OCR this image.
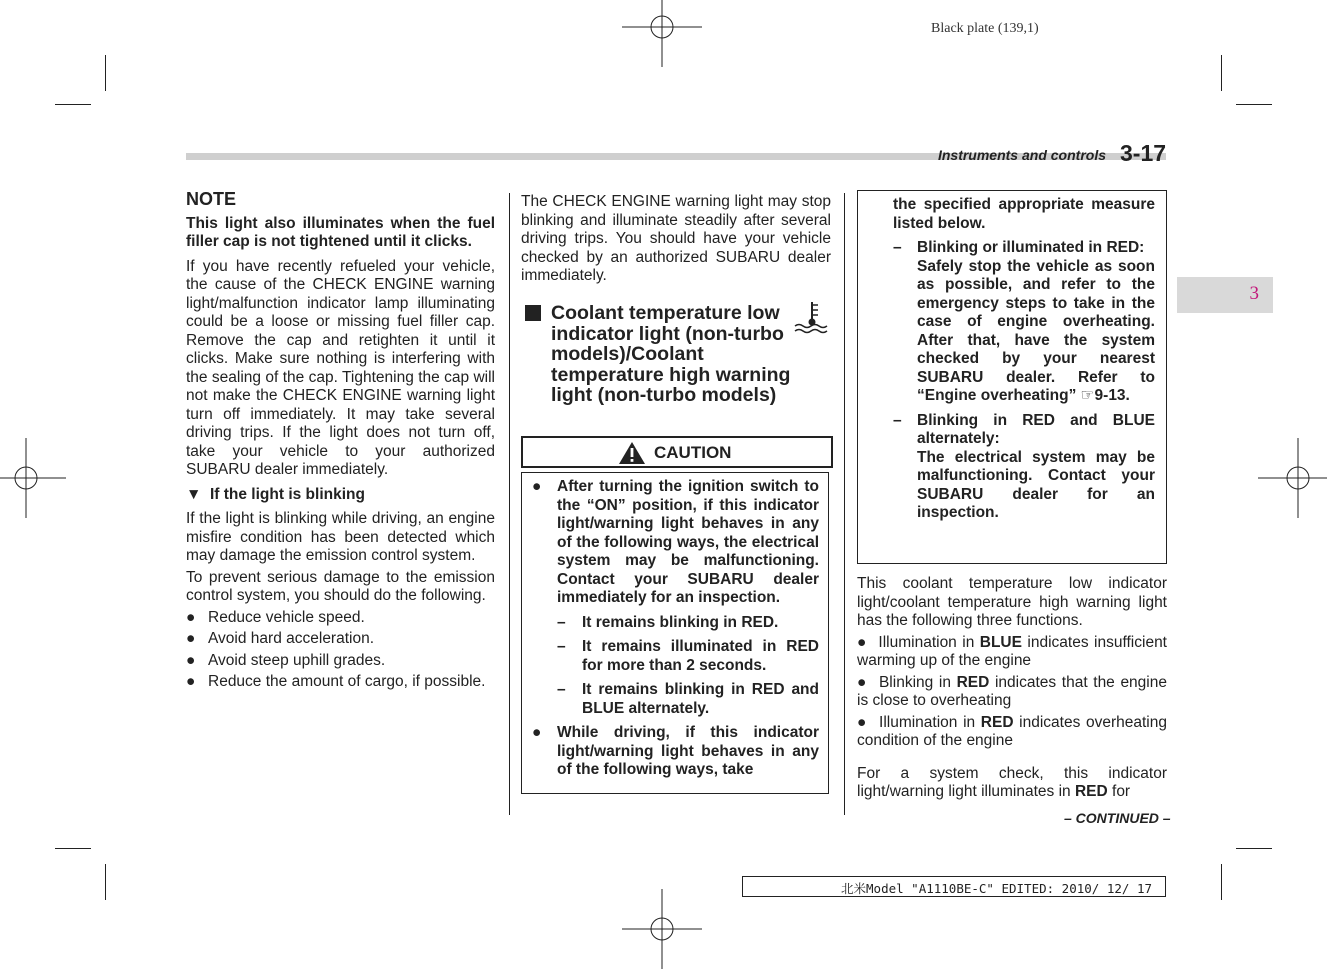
Black plate (139,1)
Instruments and controls 3-17
3

NOTE

This light also illuminates when the fuel filler cap is not tightened until it clicks.

If you have recently refueled your vehicle, the cause of the CHECK ENGINE warning light/malfunction indicator lamp illuminating could be a loose or missing fuel filler cap. Remove the cap and retighten it until it clicks. Make sure nothing is interfering with the sealing of the cap. Tightening the cap will not make the CHECK ENGINE warning light turn off immediately. It may take several driving trips. If the light does not turn off, take your vehicle to your authorized SUBARU dealer immediately.

▼ If the light is blinking

If the light is blinking while driving, an engine misfire condition has been detected which may damage the emission control system.

To prevent serious damage to the emission control system, you should do the following.

● Reduce vehicle speed.
● Avoid hard acceleration.
● Avoid steep uphill grades.
● Reduce the amount of cargo, if possible.
The CHECK ENGINE warning light may stop blinking and illuminate steadily after several driving trips. You should have your vehicle checked by an authorized SUBARU dealer immediately.
Coolant temperature low indicator light (non-turbo models)/Coolant temperature high warning light (non-turbo models)
CAUTION
● After turning the ignition switch to the “ON” position, if this indicator light/warning light behaves in any of the following ways, the electrical system may be malfunctioning. Contact your SUBARU dealer immediately for an inspection.
– It remains blinking in RED.
– It remains illuminated in RED for more than 2 seconds.
– It remains blinking in RED and BLUE alternately.
● While driving, if this indicator light/warning light behaves in any of the following ways, take

the specified appropriate measure listed below.

– Blinking or illuminated in RED:
Safely stop the vehicle as soon as possible, and refer to the emergency steps to take in the case of engine overheating. After that, have the system checked by your nearest SUBARU dealer. Refer to “Engine overheating” ☞9-13.
– Blinking in RED and BLUE alternately:
The electrical system may be malfunctioning. Contact your SUBARU dealer for an inspection.

This coolant temperature low indicator light/coolant temperature high warning light has the following three functions.

●  Illumination in BLUE indicates insufficient warming up of the engine

●  Blinking in RED indicates that the engine is close to overheating

●  Illumination in RED indicates overheating condition of the engine

For a system check, this indicator light/warning light illuminates in RED for

– CONTINUED –
北米Model "A1110BE-C" EDITED: 2010/ 12/ 17
